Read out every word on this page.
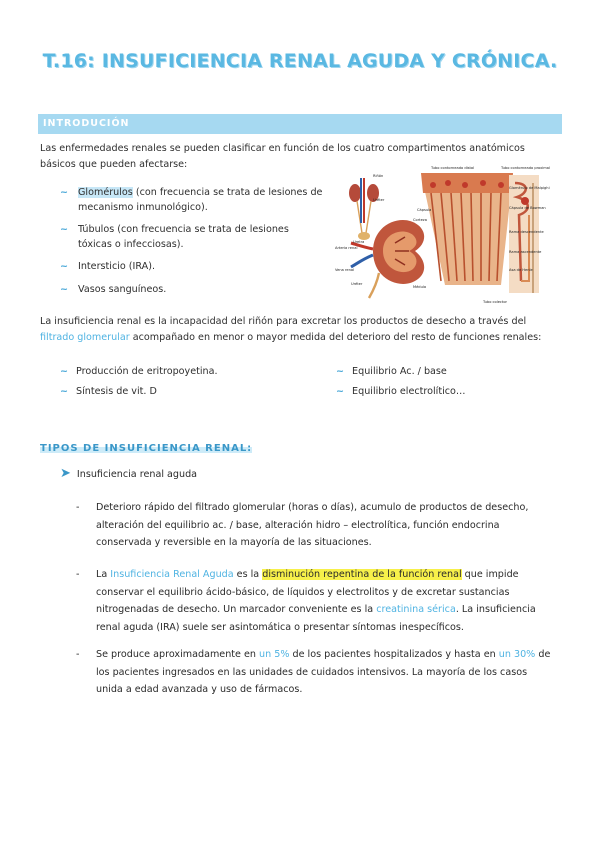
T.16: INSUFICIENCIA RENAL AGUDA Y CRÓNICA.
INTRODUCIÓN
Las enfermedades renales se pueden clasificar en función de los cuatro compartimentos anatómicos básicos que pueden afectarse:
~ Glomérulos (con frecuencia se trata de lesiones de mecanismo inmunológico).
~ Túbulos (con frecuencia se trata de lesiones tóxicas o infecciosas).
~ Intersticio (IRA).
~ Vasos sanguíneos.
Riñón
Uréter
Uretra
Arteria renal
Vena renal
Uréter
Médula
Corteza
Cápsula
Tubo contorneado distal	Tubo contorneado proximal
Glomérulo de Malpighi
Cápsula de Bowman
Rama descendente
Rama ascendente
Asa de Henle
Tubo colector
La insuficiencia renal es la incapacidad del riñón para excretar los productos de desecho a través del filtrado glomerular acompañado en menor o mayor medida del deterioro del resto de funciones renales:
~ Producción de eritropoyetina.
~ Síntesis de vit. D
~ Equilibrio Ac. / base
~ Equilibrio electrolítico…
TIPOS DE INSUFICIENCIA RENAL:
➤ Insuficiencia renal aguda
- Deterioro rápido del filtrado glomerular (horas o días), acumulo de productos de desecho, alteración del equilibrio ac. / base, alteración hidro – electrolítica, función endocrina conservada y reversible en la mayoría de las situaciones.
- La Insuficiencia Renal Aguda es la disminución repentina de la función renal que impide conservar el equilibrio ácido-básico, de líquidos y electrolitos y de excretar sustancias nitrogenadas de desecho. Un marcador conveniente es la creatinina sérica. La insuficiencia renal aguda (IRA) suele ser asintomática o presentar síntomas inespecíficos.
- Se produce aproximadamente en un 5% de los pacientes hospitalizados y hasta en un 30% de los pacientes ingresados en las unidades de cuidados intensivos. La mayoría de los casos unida a edad avanzada y uso de fármacos.
